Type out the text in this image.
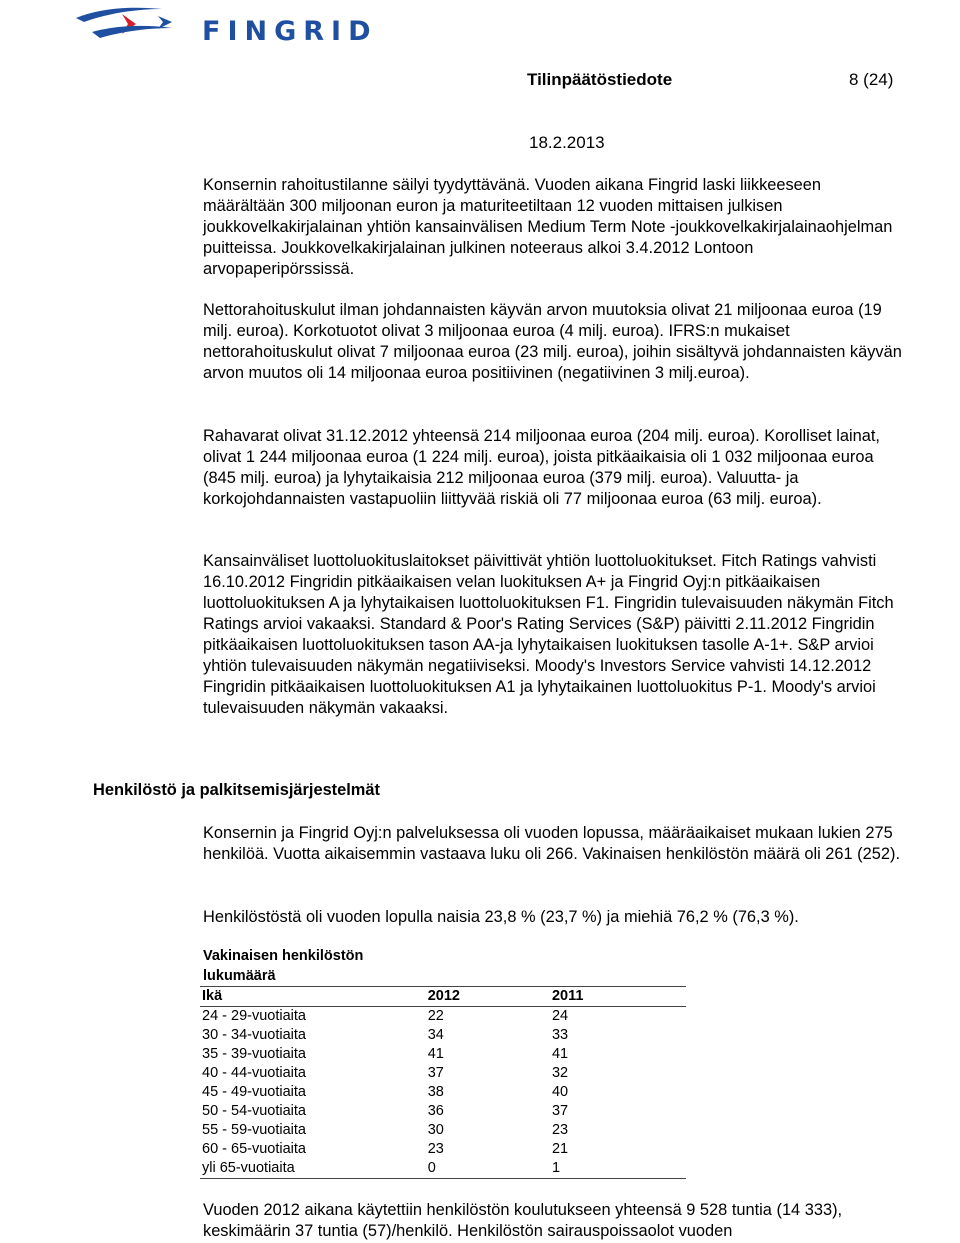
FINGRID
Tilinpäätöstiedote	8 (24)
18.2.2013

Konsernin rahoitustilanne säilyi tyydyttävänä. Vuoden aikana Fingrid laski liikkeeseen määrältään 300 miljoonan euron ja maturiteetiltaan 12 vuoden mittaisen julkisen joukkovelkakirjalainan yhtiön kansainvälisen Medium Term Note -joukkovelkakirjalainaohjelman puitteissa. Joukkovelkakirjalainan julkinen noteeraus alkoi 3.4.2012 Lontoon arvopaperipörssissä.

Nettorahoituskulut ilman johdannaisten käyvän arvon muutoksia olivat 21 miljoonaa euroa (19 milj. euroa). Korkotuotot olivat 3 miljoonaa euroa (4 milj. euroa). IFRS:n mukaiset nettorahoituskulut olivat 7 miljoonaa euroa (23 milj. euroa), joihin sisältyvä johdannaisten käyvän arvon muutos oli 14 miljoonaa euroa positiivinen (negatiivinen 3 milj.euroa).

Rahavarat olivat 31.12.2012 yhteensä 214 miljoonaa euroa (204 milj. euroa). Korolliset lainat, olivat 1 244 miljoonaa euroa (1 224 milj. euroa), joista pitkäaikaisia oli 1 032 miljoonaa euroa (845 milj. euroa) ja lyhytaikaisia 212 miljoonaa euroa (379 milj. euroa). Valuutta- ja korkojohdannaisten vastapuoliin liittyvää riskiä oli 77 miljoonaa euroa (63 milj. euroa).

Kansainväliset luottoluokituslaitokset päivittivät yhtiön luottoluokitukset. Fitch Ratings vahvisti 16.10.2012 Fingridin pitkäaikaisen velan luokituksen A+ ja Fingrid Oyj:n pitkäaikaisen luottoluokituksen A ja lyhytaikaisen luottoluokituksen F1. Fingridin tulevaisuuden näkymän Fitch Ratings arvioi vakaaksi. Standard & Poor's Rating Services (S&P) päivitti 2.11.2012 Fingridin pitkäaikaisen luottoluokituksen tason AA-ja lyhytaikaisen luokituksen tasolle A-1+. S&P arvioi yhtiön tulevaisuuden näkymän negatiiviseksi. Moody's Investors Service vahvisti 14.12.2012 Fingridin pitkäaikaisen luottoluokituksen A1 ja lyhytaikainen luottoluokitus P-1. Moody's arvioi tulevaisuuden näkymän vakaaksi.

Henkilöstö ja palkitsemisjärjestelmät

Konsernin ja Fingrid Oyj:n palveluksessa oli vuoden lopussa, määräaikaiset mukaan lukien 275 henkilöä. Vuotta aikaisemmin vastaava luku oli 266. Vakinaisen henkilöstön määrä oli 261 (252).

Henkilöstöstä oli vuoden lopulla naisia 23,8 % (23,7 %) ja miehiä 76,2 % (76,3 %).

Vakinaisen henkilöstön lukumäärä
Ikä	2012	2011
24 - 29-vuotiaita	22	24
30 - 34-vuotiaita	34	33
35 - 39-vuotiaita	41	41
40 - 44-vuotiaita	37	32
45 - 49-vuotiaita	38	40
50 - 54-vuotiaita	36	37
55 - 59-vuotiaita	30	23
60 - 65-vuotiaita	23	21
yli 65-vuotiaita	0	1

Vuoden 2012 aikana käytettiin henkilöstön koulutukseen yhteensä 9 528 tuntia (14 333), keskimäärin 37 tuntia (57)/henkilö. Henkilöstön sairauspoissaolot vuoden
